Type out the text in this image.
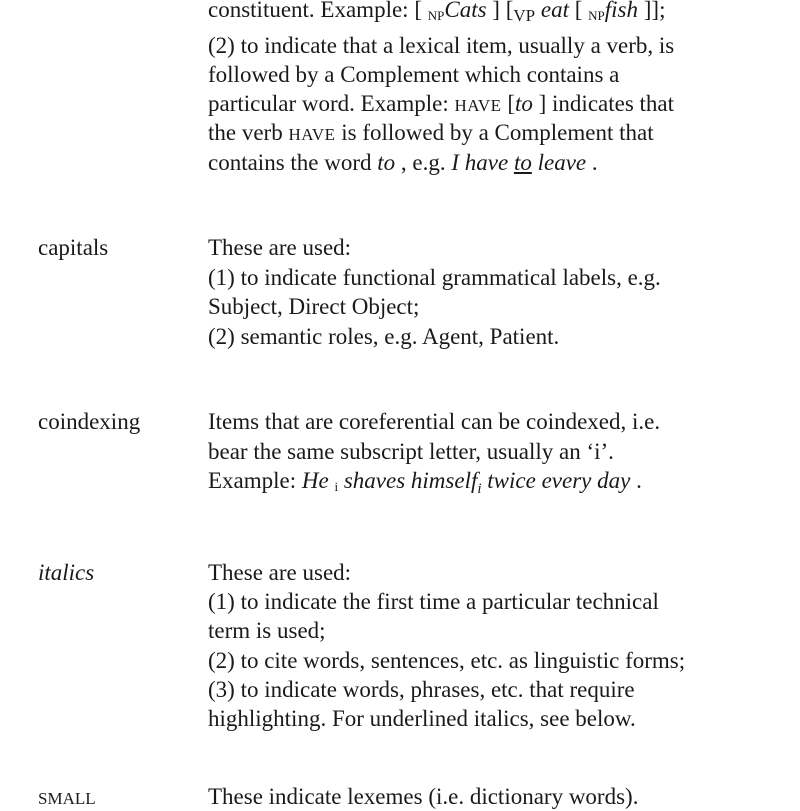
constituent. Example: [ NPCats ] [VP eat [ NPfish ]];
(2) to indicate that a lexical item, usually a verb, is
followed by a Complement which contains a
particular word. Example: HAVE [to ] indicates that
the verb HAVE is followed by a Complement that
contains the word to , e.g. I have to leave .
capitals	These are used:
(1) to indicate functional grammatical labels, e.g.
Subject, Direct Object;
(2) semantic roles, e.g. Agent, Patient.
coindexing	Items that are coreferential can be coindexed, i.e.
bear the same subscript letter, usually an ‘i’.
Example: He i shaves himself$_i$ twice every day .
italics	These are used:
(1) to indicate the first time a particular technical
term is used;
(2) to cite words, sentences, etc. as linguistic forms;
(3) to indicate words, phrases, etc. that require
highlighting. For underlined italics, see below.
SMALL	These indicate lexemes (i.e. dictionary words).
